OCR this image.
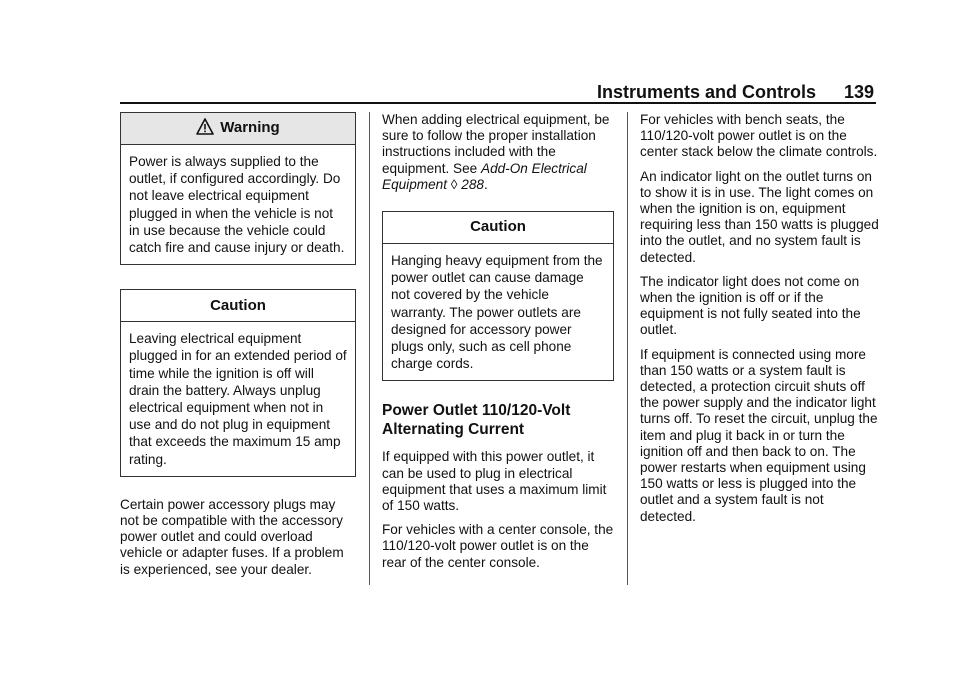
Instruments and Controls 139
Warning
Power is always supplied to the outlet, if configured accordingly. Do not leave electrical equipment plugged in when the vehicle is not in use because the vehicle could catch fire and cause injury or death.
Caution
Leaving electrical equipment plugged in for an extended period of time while the ignition is off will drain the battery. Always unplug electrical equipment when not in use and do not plug in equipment that exceeds the maximum 15 amp rating.

Certain power accessory plugs may not be compatible with the accessory power outlet and could overload vehicle or adapter fuses. If a problem is experienced, see your dealer.

When adding electrical equipment, be sure to follow the proper installation instructions included with the equipment. See Add-On Electrical Equipment ◊ 288.

Caution
Hanging heavy equipment from the power outlet can cause damage not covered by the vehicle warranty. The power outlets are designed for accessory power plugs only, such as cell phone charge cords.
Power Outlet 110/120-Volt Alternating Current

If equipped with this power outlet, it can be used to plug in electrical equipment that uses a maximum limit of 150 watts.

For vehicles with a center console, the 110/120-volt power outlet is on the rear of the center console.

For vehicles with bench seats, the 110/120-volt power outlet is on the center stack below the climate controls.

An indicator light on the outlet turns on to show it is in use. The light comes on when the ignition is on, equipment requiring less than 150 watts is plugged into the outlet, and no system fault is detected.

The indicator light does not come on when the ignition is off or if the equipment is not fully seated into the outlet.

If equipment is connected using more than 150 watts or a system fault is detected, a protection circuit shuts off the power supply and the indicator light turns off. To reset the circuit, unplug the item and plug it back in or turn the ignition off and then back to on. The power restarts when equipment using 150 watts or less is plugged into the outlet and a system fault is not detected.
